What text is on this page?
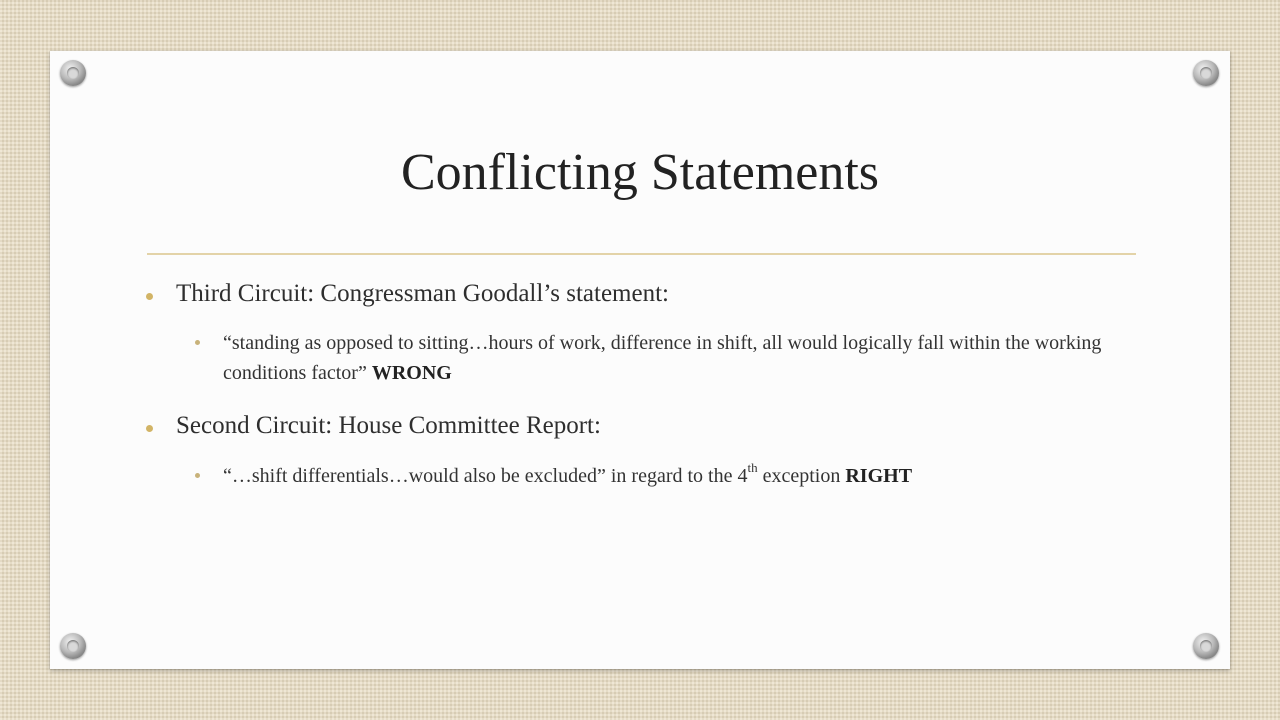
Conflicting Statements
Third Circuit: Congressman Goodall’s statement:
“standing as opposed to sitting…hours of work, difference in shift, all would logically fall within the working conditions factor” WRONG
Second Circuit: House Committee Report:
“…shift differentials…would also be excluded” in regard to the 4th exception RIGHT
